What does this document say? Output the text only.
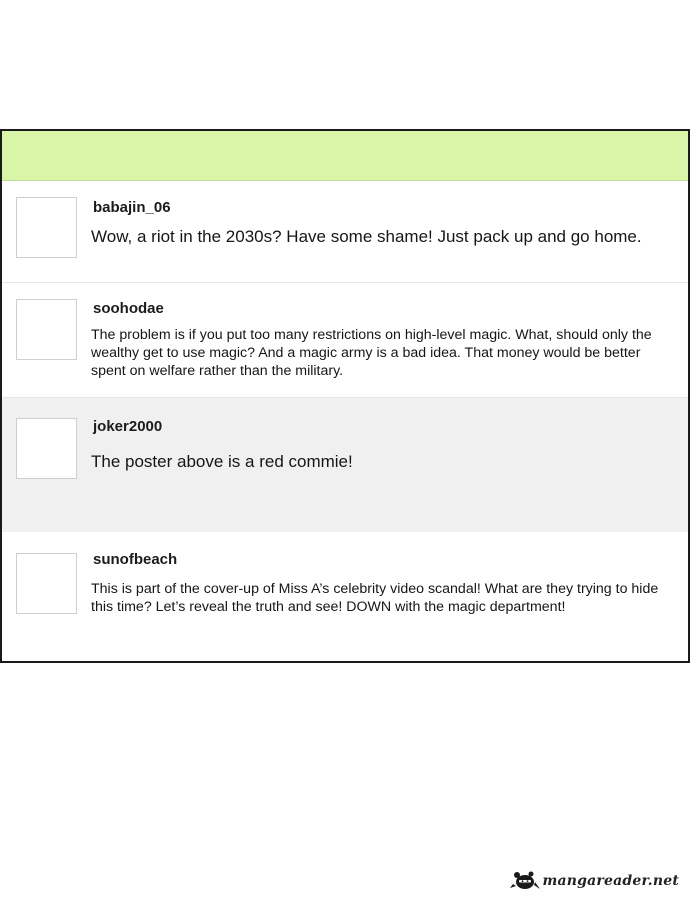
babajin_06
Wow, a riot in the 2030s? Have some shame! Just pack up and go home.
soohodae
The problem is if you put too many restrictions on high-level magic. What, should only the wealthy get to use magic? And a magic army is a bad idea. That money would be better spent on welfare rather than the military.
joker2000
The poster above is a red commie!
sunofbeach
This is part of the cover-up of Miss A’s celebrity video scandal! What are they trying to hide this time? Let’s reveal the truth and see! DOWN with the magic department!
mangareader.net
